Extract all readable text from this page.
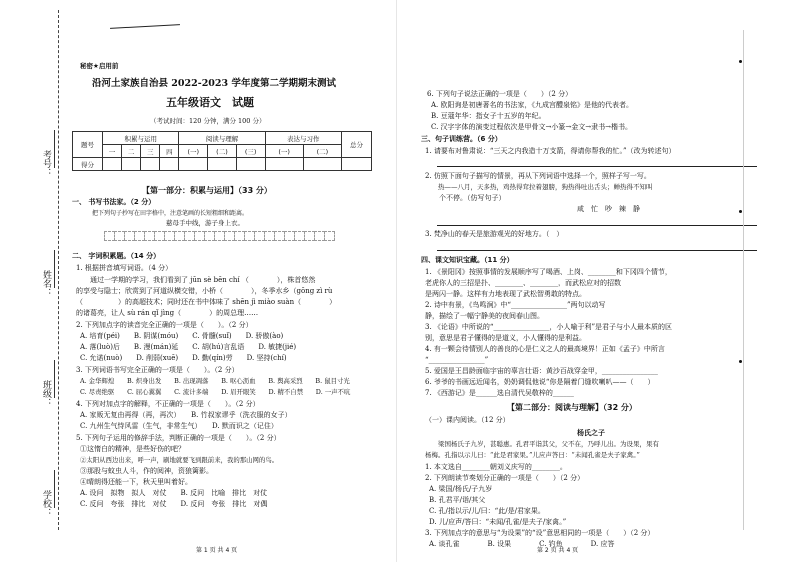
考号：
姓名：
班级：
学校：
秘密★启用前
沿河土家族自治县 2022-2023 学年度第二学期期末测试
五年级语文　试题
（考试时间：120 分钟，满分 100 分）
题号	积累与运用				阅读与理解			表达与习作		总分
	一	二	三	四	(一)	(二)	(三)	(一)	(二)	
得分										
【第一部分：积累与运用】（33 分）
一、 书写书法家。（2 分）
把下列句子抄写在田字格中，注意笔画的长短粗细和距离。
慈母手中线，游子身上衣。
二、 字词积累题。（14 分）
1. 根据拼音填写词语。（4 分）
　　通过一学期的学习，我们看到了 jūn sè bēn chí （　　　　），株首悠然
的享受与隐士；欣赏到了河道纵横交错，小桥（　　　　），冬季水乡（gōng zì rù
（　　　　　）的高超技术；同时还在书中体味了 shēn jì miào suàn（　　　　）
的诸葛亮，让人 sù rán qǐ jìng（　　　　）的周总理……
2. 下列加点字的读音完全正确的一项是（　　）。（2 分）
A. 培育(péi)　　B. 阴谋(móu)　　C. 骨髓(suǐ)　　D. 骄傲(ào)
A. 落(luò)后　　B. 漫(mán)延　　C. 胡(hú)言乱语　　D. 敏捷(jié)
C. 允诺(nuò)　　D. 削弱(xuē)　　D. 勤(qín)劳　　D. 坚持(chí)
3. 下列词语书写完全正确的一项是（　　）。（2 分）
A. 金华辉煌　　B. 炽身出发　　B. 出现凋落　　B. 呕心沥血　　B. 舆高采烈　　B. 鼠目寸光
C. 尽责绝驱　　C. 屈心翼翼　　C. 流计多端　　D. 眉开眼笑　　D. 精不自禁　　D. 一声不吭
4. 下列对加点字的解释，不正确的一项是（　　）。（2 分）
A. 家贩无复由再得（再，再次）　　B. 竹叔家谬乎（洗衣服的女子）
C. 九州生气恃风雷（生气，非常生气）　　D. 默而识之（记住）
5. 下列句子运用的修辞手法，判断正确的一项是（　　）。（2 分）
①这惰白的精神，是些好伤的吧？
②太阳从西边出来，呼一声，刷地就要飞到跟前来，我的那山网的鸟。
③那股与蚊虫人斗，作的阅神，资狼篱影。
④晴朗得还能一下，秋天里叫着好。
A. 设问　拟物　拟人　对仗　　B. 反问　比喻　排比　对仗
C. 反问　夸张　排比　对仗　　D. 反问　夸张　排比　对偶
第 1 页 共 4 页
6. 下列句子说法正确的一项是（　　）（2 分）
A. 欧阳询是初唐著名的书法家，《九成宫醴泉铭》是他的代表者。
B. 豆蔻年华：指女子十五岁的年纪。
C. 汉字字体的演变过程依次是甲骨文→小篆→金文→隶书→楷书。
三、句子训练营。（6 分）
1. 请要布对鲁肃说：“三天之内我造十万支箭，得请你帮我的忙。”（改为转述句）
2. 仿照下面句子描写的情景，再从下列词语中选择一个，照样子写一写。
　　热——八月，天多热，鸡热得耷拉着翅膀，狗热得吐出舌头；蝉热得不知叫
　　个不停。（仿写句子）
咸　忙　吵　辣　静
3. 梵净山的春天是旅游观光的好地方。（　）
四、课文知识宝藏。（11 分）
1. 《景阳冈》按照事情的发展顺序写了喝酒、上岗、________和下冈四个情节，
老虎你人的三招是扑、________、________，而武松应对的招数
是两闪一静。这样有力地表现了武松智勇敢的特点。
2. 诗中有景，《鸟鸣涧》中“________________”两句以动写
静，描绘了一幅宁静美的夜间春山图。
3. 《论语》中所说的“________________，小人喻于利”是君子与小人最本质的区
别，意思是君子懂得的是道义，小人懂得的是利益。
4. 有一颗会待情别人的善良的心是仁义之人的最高境界！正如《孟子》中所言
“________________”
5. 爱国是王昌龄面临宇宙的辜言壮语：黄沙百战穿金甲，________________
6. 爷爷的书画远近闻名，奶奶调侃他说“你是隔着门缝吹喇叭——（　　）
7. 《西游记》是______选自清代吴敬梓的______
【第二部分：阅读与理解】（32 分）
（一）课内阅读。（12 分）
杨氏之子
　　梁国杨氏子九岁，甚聪惠。孔君平诣其父，父不在，乃呼儿出。为设果，果有
杨梅。孔指以示儿曰：“此是君家果。”儿应声答曰：“未闻孔雀是夫子家禽。”
1. 本文选自________朝刘义庆写的________。
2. 下列朗读节奏划分正确的一项是（　　）（2 分）
A. 梁国/杨氏/子九岁
B. 孔君平/诣/其父
C. 孔/指以示/儿/曰：“此/是/君家果。
D. 儿/应声/答曰：“未闻/孔雀/是夫子/家禽。”
3. 下列加点字的意思与“为设果”的“设”意思相同的一项是（　　）（2 分）
A. 谈孔雀　　　　B. 设果　　　　C. 钓鱼　　　　D. 应答
第 2 页 共 4 页
